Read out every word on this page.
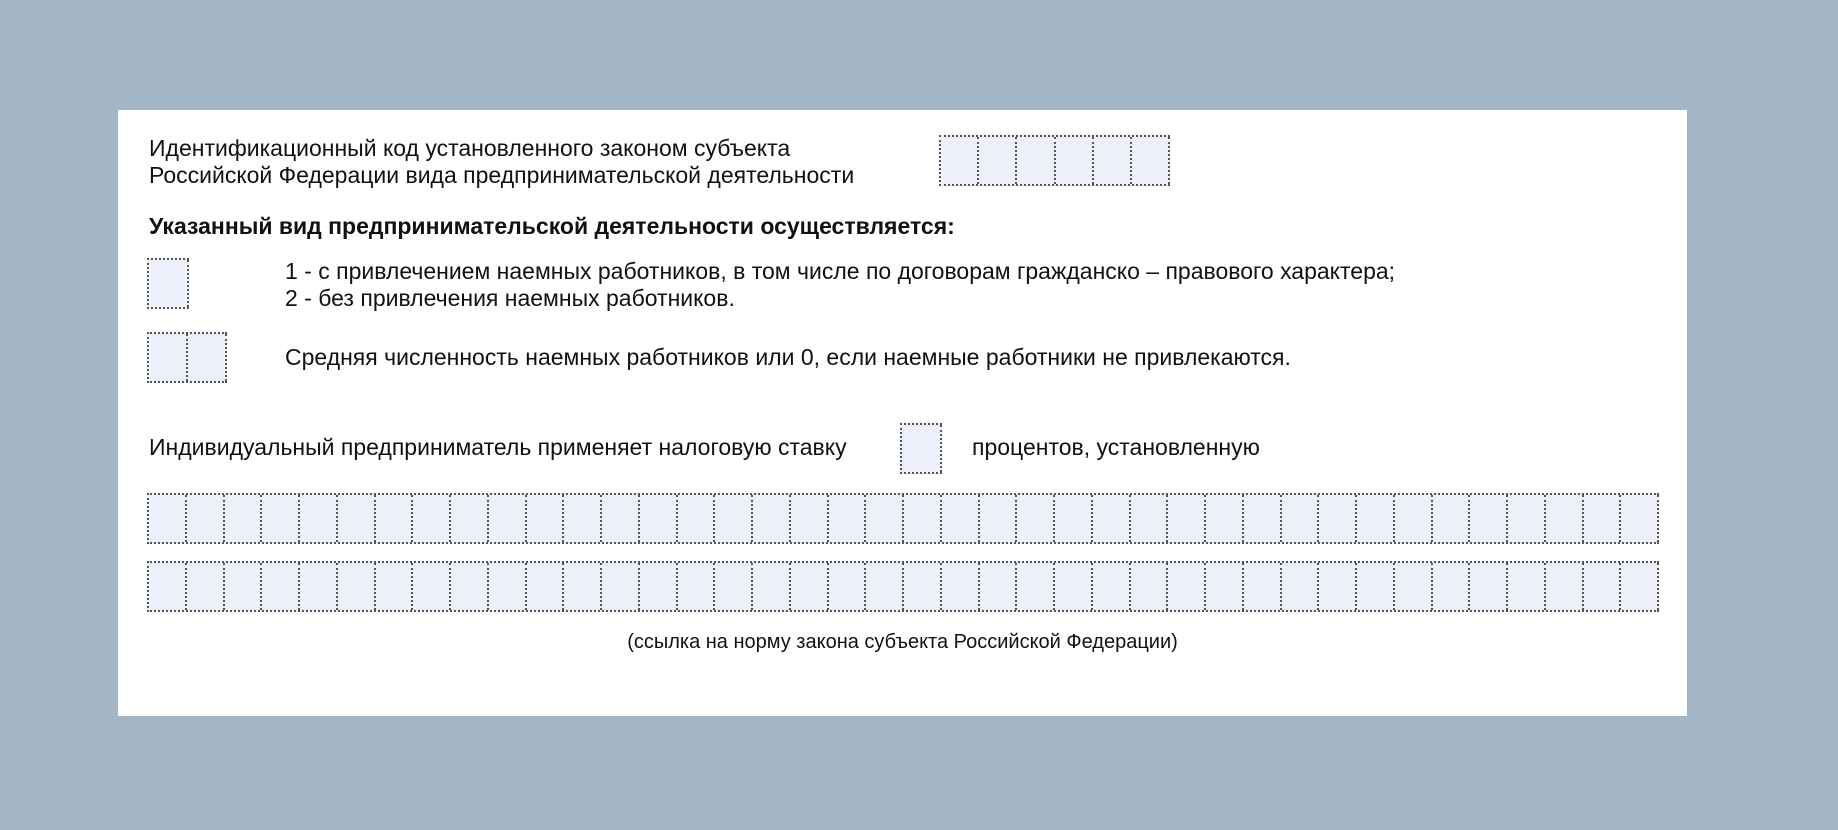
Идентификационный код установленного законом субъекта
Российской Федерации вида предпринимательской деятельности
Указанный вид предпринимательской деятельности осуществляется:
1 - с привлечением наемных работников, в том числе по договорам гражданско – правового характера;
2 - без привлечения наемных работников.
Средняя численность наемных работников или 0, если наемные работники не привлекаются.
Индивидуальный предприниматель применяет налоговую ставку	процентов, установленную
(ссылка на норму закона субъекта Российской Федерации)
